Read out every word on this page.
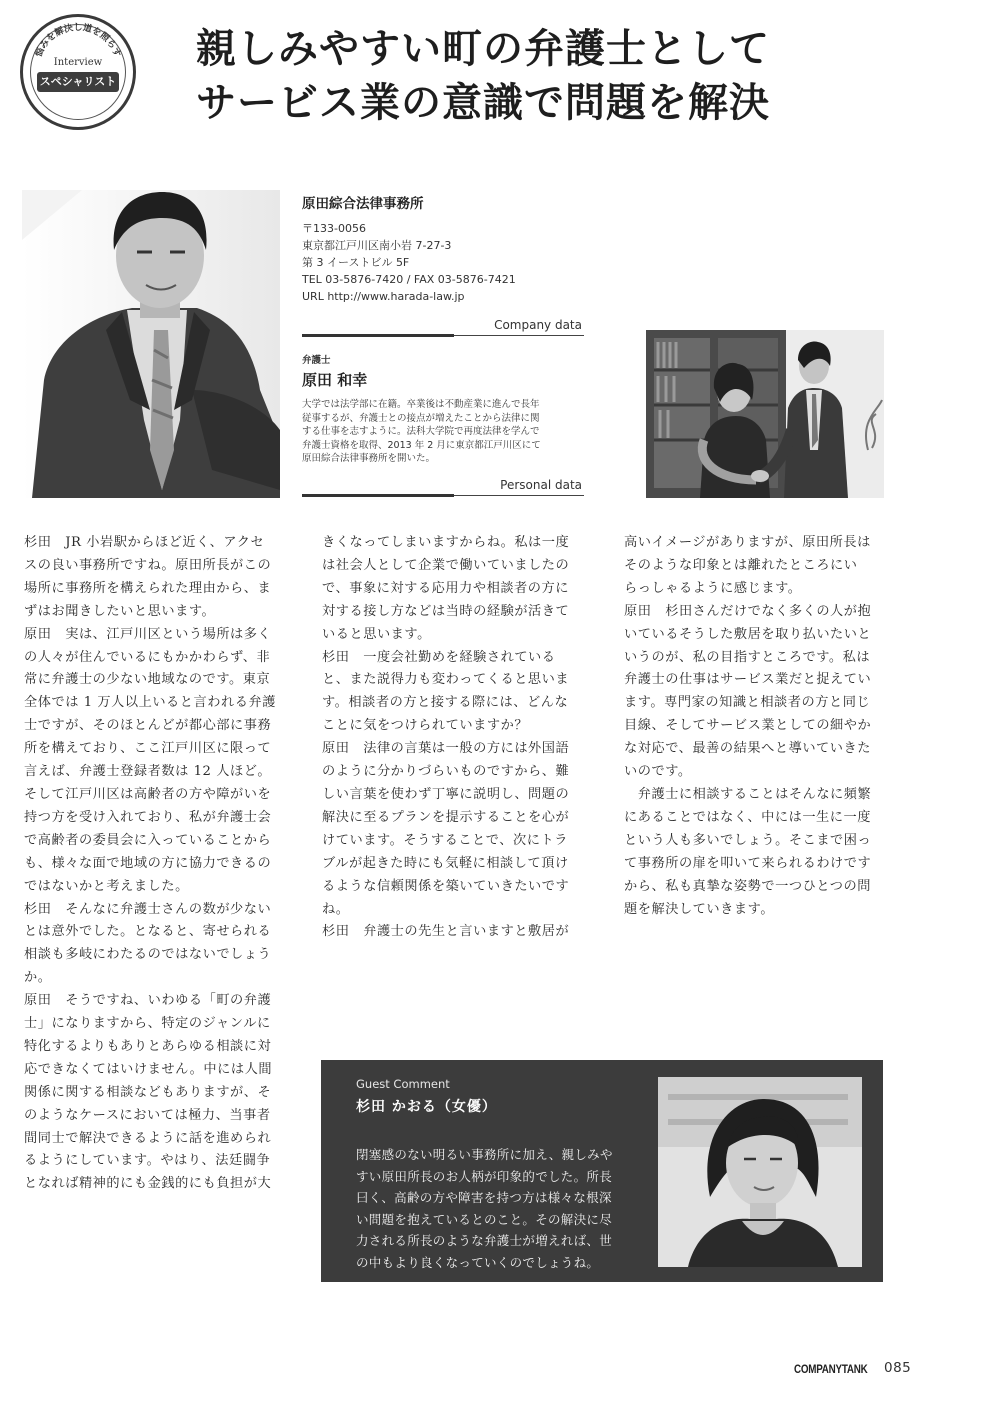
悩みを解決し道を照らす
Interview
スペシャリスト
親しみやすい町の弁護士として
サービス業の意識で問題を解決
原田綜合法律事務所
〒133-0056
東京都江戸川区南小岩 7-27-3
第 3 イーストビル 5F
TEL 03-5876-7420 / FAX 03-5876-7421
URL http://www.harada-law.jp
Company data
弁護士
原田 和幸
大学では法学部に在籍。卒業後は不動産業に進んで長年
従事するが、弁護士との接点が増えたことから法律に関
する仕事を志すように。法科大学院で再度法律を学んで
弁護士資格を取得、2013 年 2 月に東京都江戸川区にて
原田綜合法律事務所を開いた。
Personal data
杉田　JR 小岩駅からほど近く、アクセ
スの良い事務所ですね。原田所長がこの
場所に事務所を構えられた理由から、ま
ずはお聞きしたいと思います。
原田　実は、江戸川区という場所は多く
の人々が住んでいるにもかかわらず、非
常に弁護士の少ない地域なのです。東京
全体では 1 万人以上いると言われる弁護
士ですが、そのほとんどが都心部に事務
所を構えており、ここ江戸川区に限って
言えば、弁護士登録者数は 12 人ほど。
そして江戸川区は高齢者の方や障がいを
持つ方を受け入れており、私が弁護士会
で高齢者の委員会に入っていることから
も、様々な面で地域の方に協力できるの
ではないかと考えました。
杉田　そんなに弁護士さんの数が少ない
とは意外でした。となると、寄せられる
相談も多岐にわたるのではないでしょう
か。
原田　そうですね、いわゆる「町の弁護
士」になりますから、特定のジャンルに
特化するよりもありとあらゆる相談に対
応できなくてはいけません。中には人間
関係に関する相談などもありますが、そ
のようなケースにおいては極力、当事者
間同士で解決できるように話を進められ
るようにしています。やはり、法廷闘争
となれば精神的にも金銭的にも負担が大
きくなってしまいますからね。私は一度
は社会人として企業で働いていましたの
で、事象に対する応用力や相談者の方に
対する接し方などは当時の経験が活きて
いると思います。
杉田　一度会社勤めを経験されている
と、また説得力も変わってくると思いま
す。相談者の方と接する際には、どんな
ことに気をつけられていますか？
原田　法律の言葉は一般の方には外国語
のように分かりづらいものですから、難
しい言葉を使わず丁寧に説明し、問題の
解決に至るプランを提示することを心が
けています。そうすることで、次にトラ
ブルが起きた時にも気軽に相談して頂け
るような信頼関係を築いていきたいです
ね。
杉田　弁護士の先生と言いますと敷居が
高いイメージがありますが、原田所長は
そのような印象とは離れたところにい
らっしゃるように感じます。
原田　杉田さんだけでなく多くの人が抱
いているそうした敷居を取り払いたいと
いうのが、私の目指すところです。私は
弁護士の仕事はサービス業だと捉えてい
ます。専門家の知識と相談者の方と同じ
目線、そしてサービス業としての細やか
な対応で、最善の結果へと導いていきた
いのです。
　弁護士に相談することはそんなに頻繁
にあることではなく、中には一生に一度
という人も多いでしょう。そこまで困っ
て事務所の扉を叩いて来られるわけです
から、私も真摯な姿勢で一つひとつの問
題を解決していきます。
Guest Comment
杉田 かおる（女優）
閉塞感のない明るい事務所に加え、親しみや
すい原田所長のお人柄が印象的でした。所長
曰く、高齢の方や障害を持つ方は様々な根深
い問題を抱えているとのこと。その解決に尽
力される所長のような弁護士が増えれば、世
の中もより良くなっていくのでしょうね。
COMPANYTANK 085
